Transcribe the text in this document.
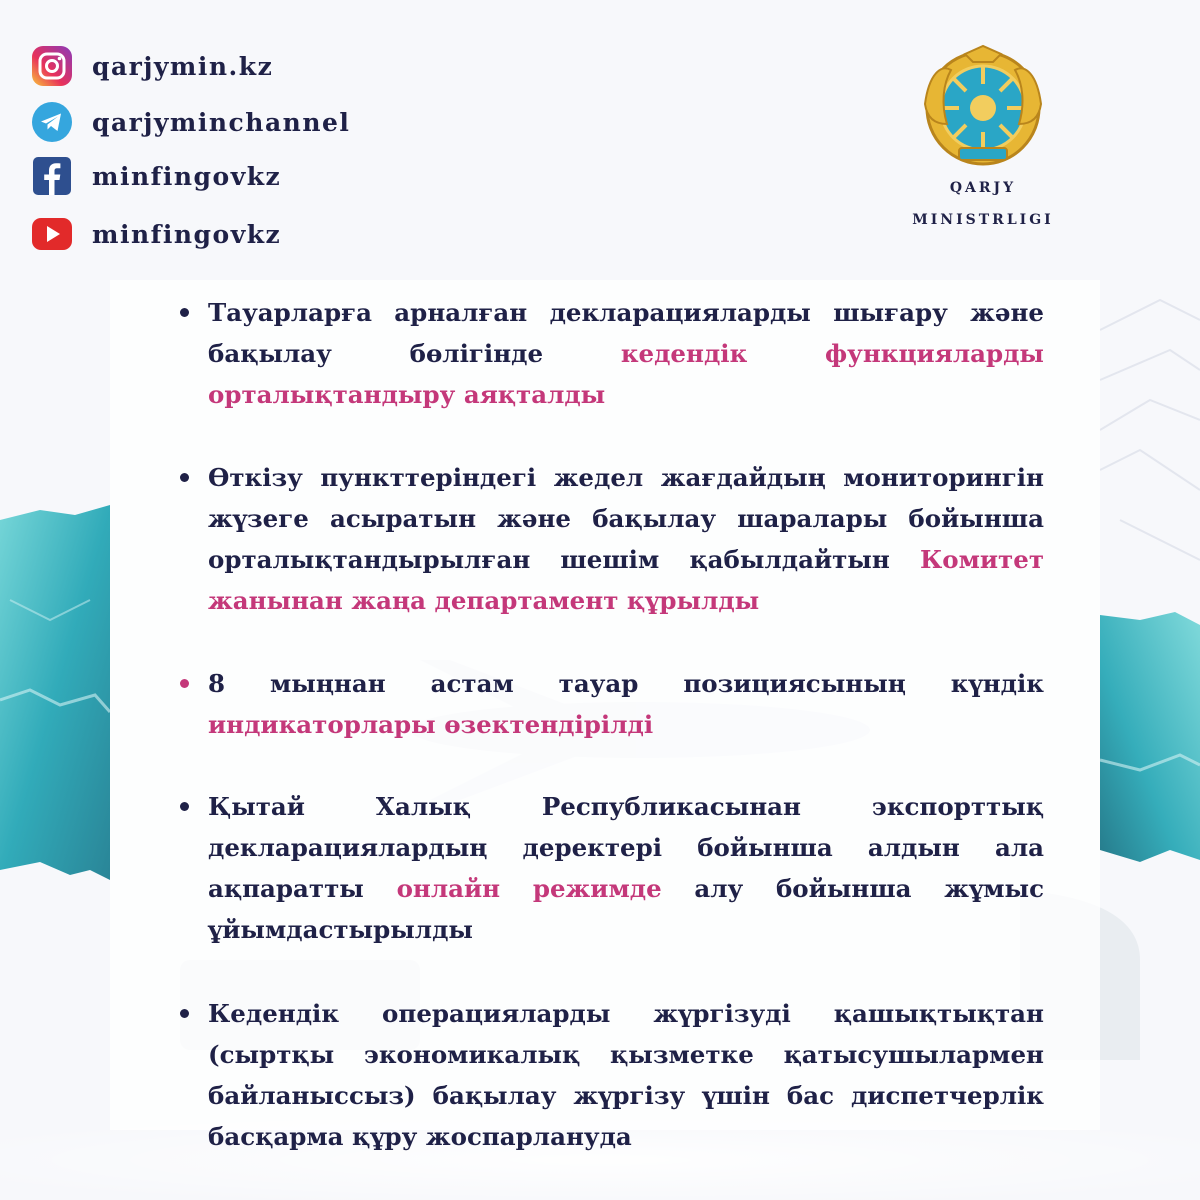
qarjymin.kz
qarjyminchannel
minfingovkz
minfingovkz
QARJY
MINISTRLIGI

Тауарларға арналған декларацияларды шығару және бақылау бөлігінде кедендік функцияларды орталықтандыру аяқталды

Өткізу пункттеріндегі жедел жағдайдың мониторингін жүзеге асыратын және бақылау шаралары бойынша орталықтандырылған шешім қабылдайтын Комитет жанынан жаңа департамент құрылды

8 мыңнан астам тауар позициясының күндік индикаторлары өзектендірілді

Қытай Халық Республикасынан экспорттық декларациялардың деректері бойынша алдын ала ақпаратты онлайн режимде алу бойынша жұмыс ұйымдастырылды

Кедендік операцияларды жүргізуді қашықтықтан (сыртқы экономикалық қызметке қатысушылармен байланыссыз) бақылау жүргізу үшін бас диспетчерлік басқарма құру жоспарлануда
